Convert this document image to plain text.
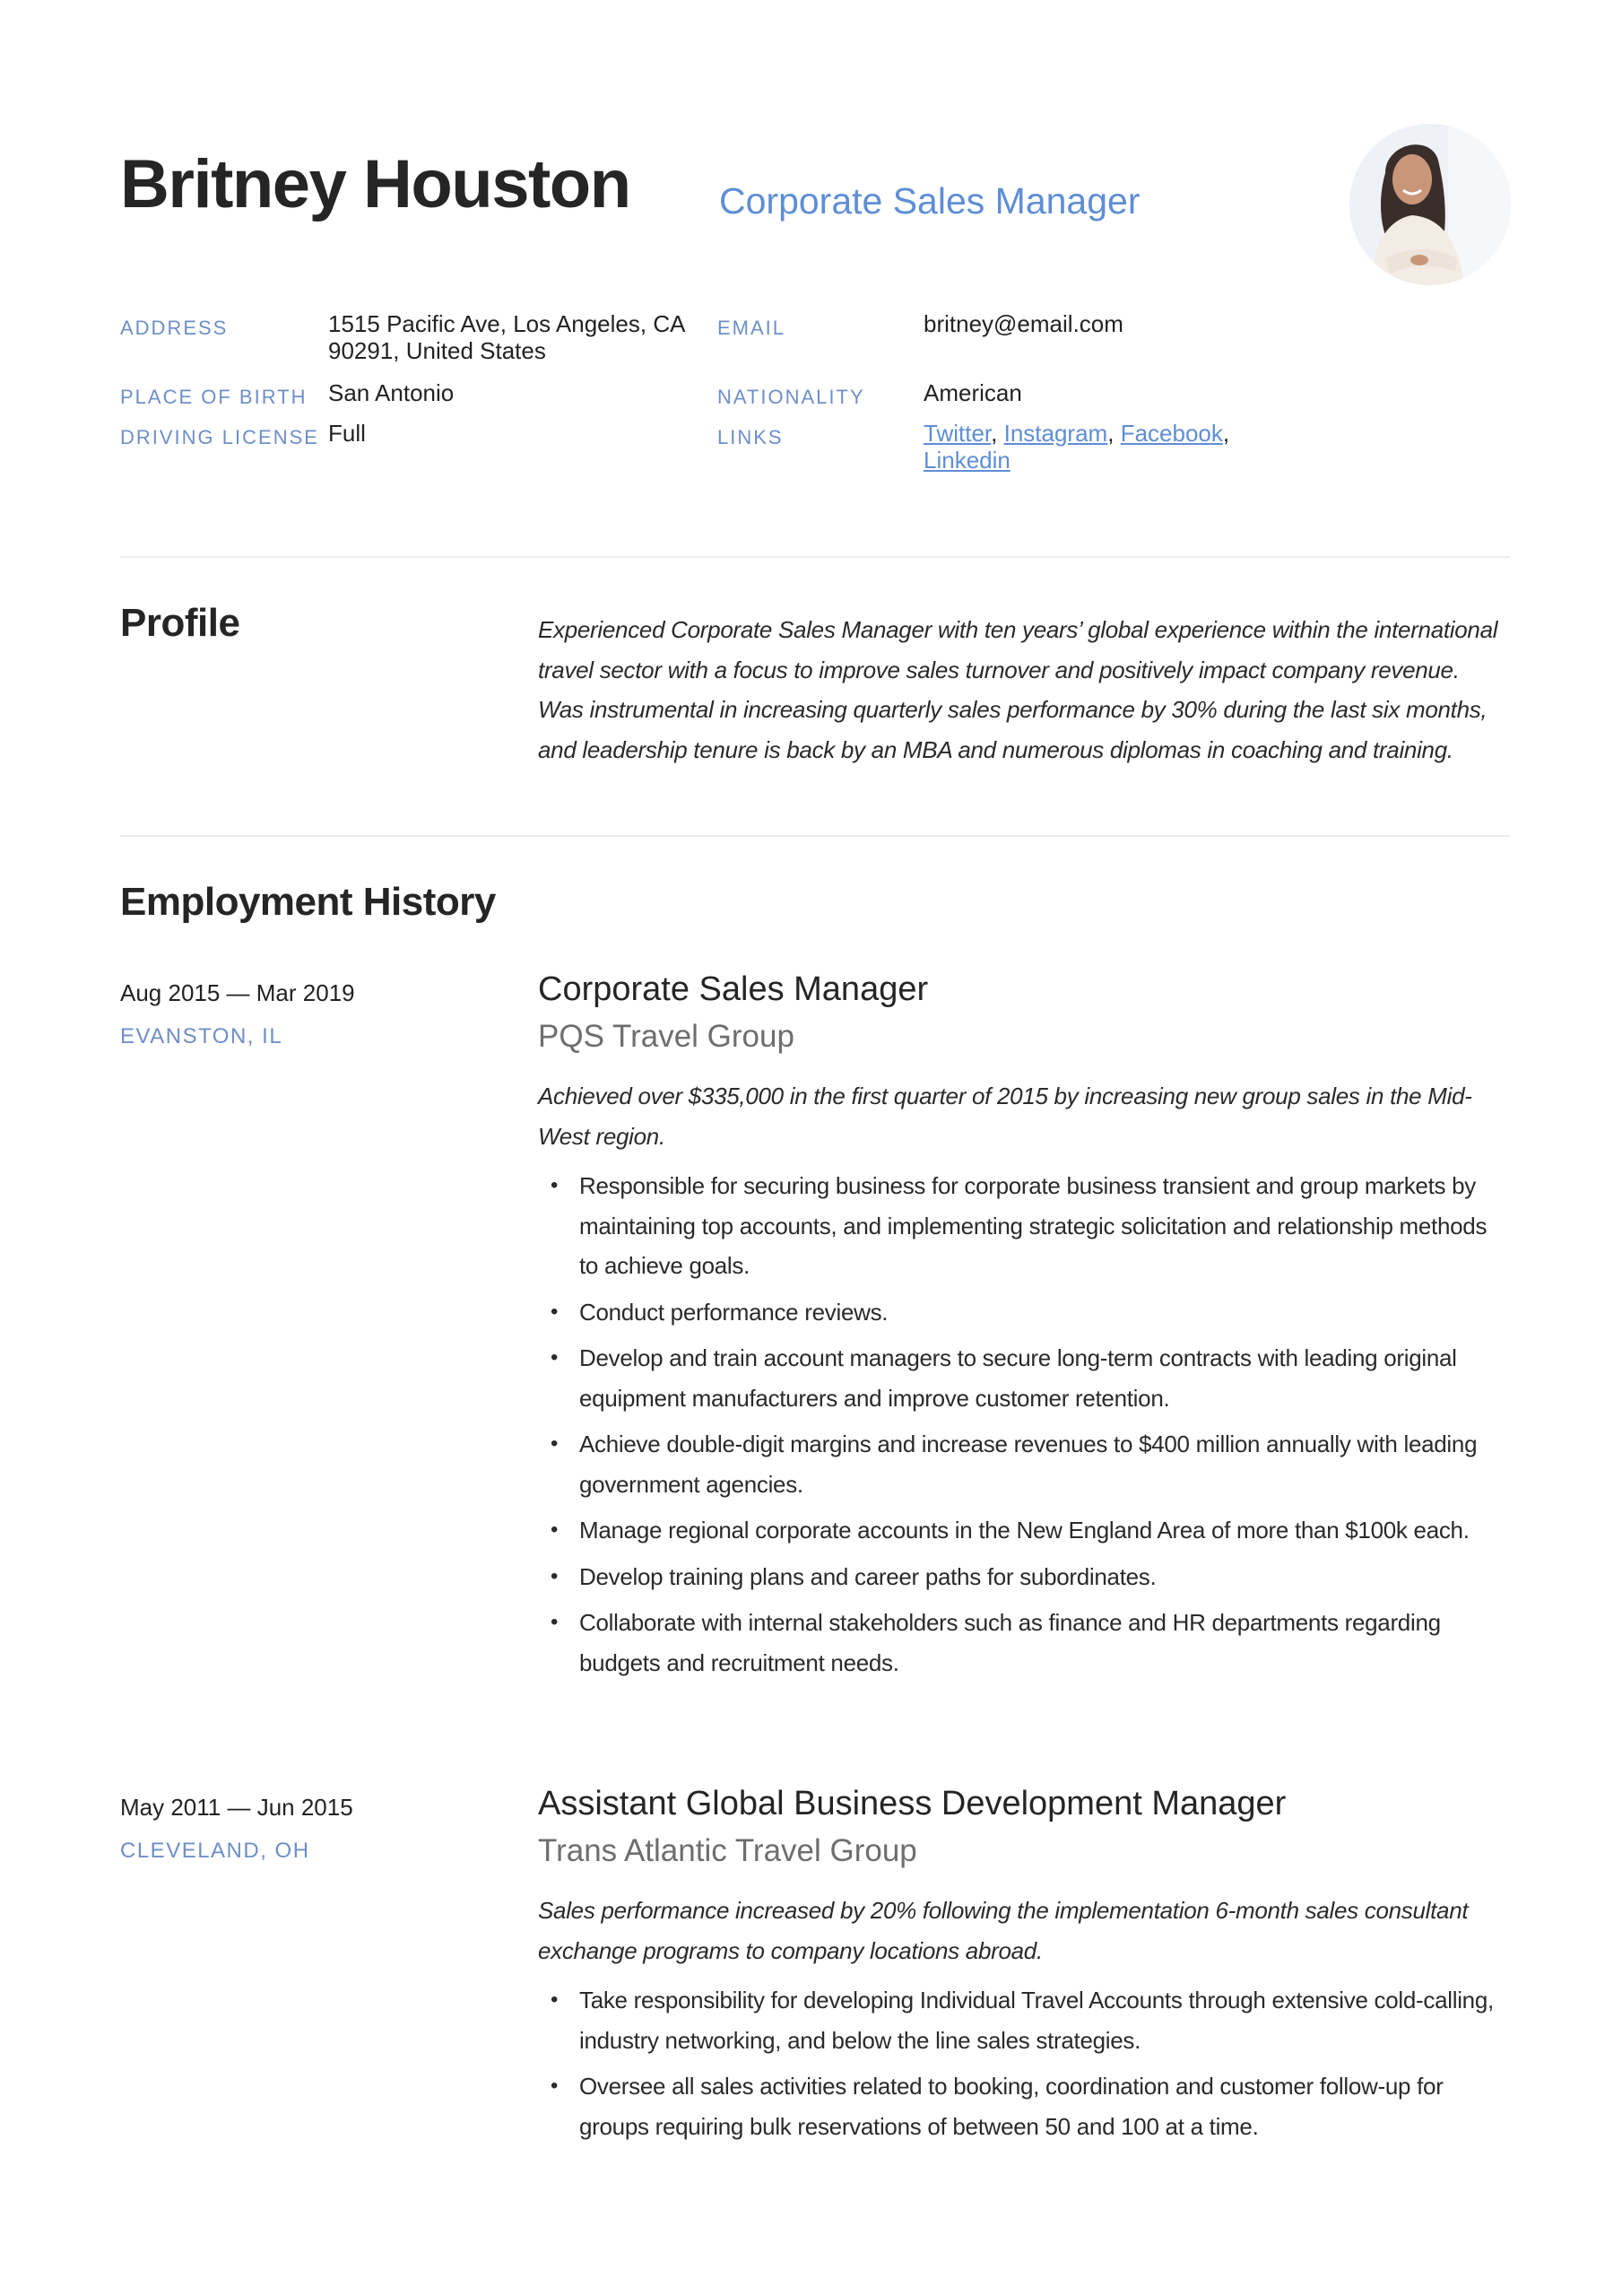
Britney Houston Corporate Sales Manager
ADDRESS	1515 Pacific Ave, Los Angeles, CA
90291, United States
PLACE OF BIRTH San Antonio
DRIVING LICENSE Full
EMAIL	britney@email.com
NATIONALITY	American
LINKS	Twitter, Instagram, Facebook,
Linkedin
Profile	Experienced Corporate Sales Manager with ten years’ global experience within the international travel sector with a focus to improve sales turnover and positively impact company revenue. Was instrumental in increasing quarterly sales performance by 30% during the last six months, and leadership tenure is back by an MBA and numerous diplomas in coaching and training.
Employment History
Aug 2015 — Mar 2019
EVANSTON, IL
Corporate Sales Manager
PQS Travel Group
Achieved over $335,000 in the first quarter of 2015 by increasing new group sales in the Mid-West region.
• Responsible for securing business for corporate business transient and group markets by maintaining top accounts, and implementing strategic solicitation and relationship methods to achieve goals.
• Conduct performance reviews.
• Develop and train account managers to secure long-term contracts with leading original equipment manufacturers and improve customer retention.
• Achieve double-digit margins and increase revenues to $400 million annually with leading government agencies.
• Manage regional corporate accounts in the New England Area of more than $100k each.
• Develop training plans and career paths for subordinates.
• Collaborate with internal stakeholders such as finance and HR departments regarding budgets and recruitment needs.
May 2011 — Jun 2015
CLEVELAND, OH
Assistant Global Business Development Manager
Trans Atlantic Travel Group
Sales performance increased by 20% following the implementation 6-month sales consultant exchange programs to company locations abroad.
• Take responsibility for developing Individual Travel Accounts through extensive cold-calling, industry networking, and below the line sales strategies.
• Oversee all sales activities related to booking, coordination and customer follow-up for groups requiring bulk reservations of between 50 and 100 at a time.
